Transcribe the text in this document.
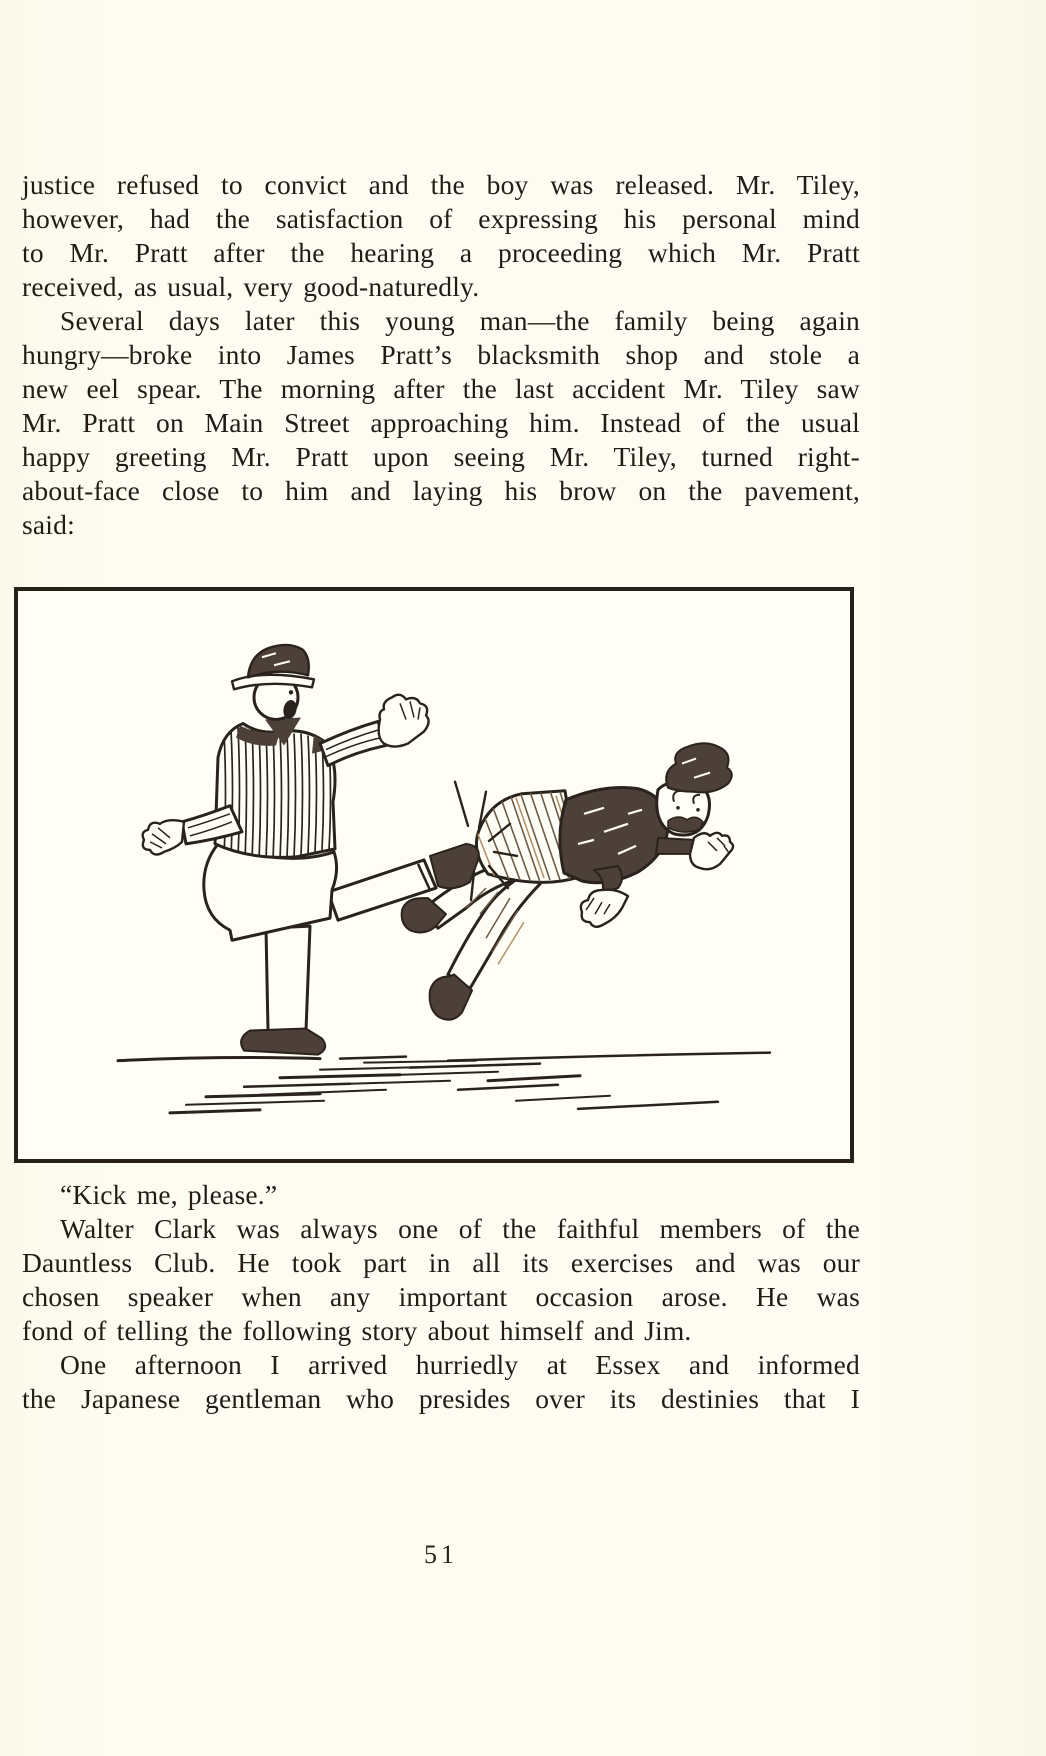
justice refused to convict and the boy was released. Mr. Tiley,
however, had the satisfaction of expressing his personal mind
to Mr. Pratt after the hearing a proceeding which Mr. Pratt
received, as usual, very good-naturedly.
Several days later this young man—the family being again
hungry—broke into James Pratt’s blacksmith shop and stole a
new eel spear. The morning after the last accident Mr. Tiley saw
Mr. Pratt on Main Street approaching him. Instead of the usual
happy greeting Mr. Pratt upon seeing Mr. Tiley, turned right-
about-face close to him and laying his brow on the pavement,
said:
“Kick me, please.”
Walter Clark was always one of the faithful members of the
Dauntless Club. He took part in all its exercises and was our
chosen speaker when any important occasion arose. He was
fond of telling the following story about himself and Jim.
One afternoon I arrived hurriedly at Essex and informed
the Japanese gentleman who presides over its destinies that I
51
